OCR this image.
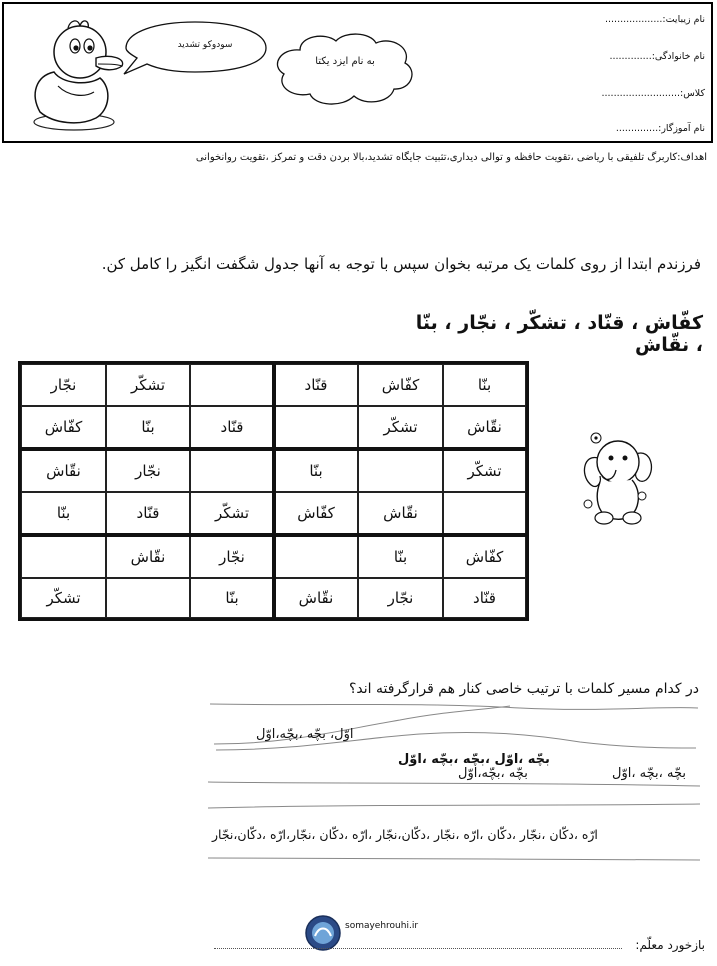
نام زیبایت:...................
نام خانوادگی:..............
کلاس:..........................
نام آموزگار:..............
به نام ایزد یکتا
سودوکو تشدید
اهداف:کاربرگ تلفیقی با ریاضی ،تقویت حافظه و توالی دیداری،تثبیت جایگاه تشدید،بالا بردن دقت و تمرکز ،تقویت روانخوانی
فرزندم ابتدا از روی کلمات یک مرتبه بخوان سپس با توجه به آنها جدول شگفت انگیز را کامل کن.
کفّاش ، قنّاد ، تشکّر ، نجّار ، بنّا ، نقّاش
بنّا
کفّاش
قنّاد
تشکّر
نجّار
نقّاش
تشکّر
قنّاد
بنّا
کفّاش
تشکّر
بنّا
نجّار
نقّاش
نقّاش
کفّاش
تشکّر
قنّاد
بنّا
کفّاش
بنّا
نجّار
نقّاش
قنّاد
نجّار
نقّاش
بنّا
تشکّر
در کدام مسیر کلمات با ترتیب خاصی کنار هم قرارگرفته اند؟
اوّل، بچّه ،بچّه،اوّل
بچّه ،بچّه ،اوّل
بچّه ،اوّل ،بچّه ،بچّه ،اوّل
بچّه ،بچّه،اوّل
ارّه ،دکّان ،نجّار ،دکّان ،ارّه ،نجّار ،دکّان،نجّار ،ارّه ،دکّان ،نجّار،ارّه ،دکّان،نجّار
somayehrouhi.ir
بازخورد معلّم:
